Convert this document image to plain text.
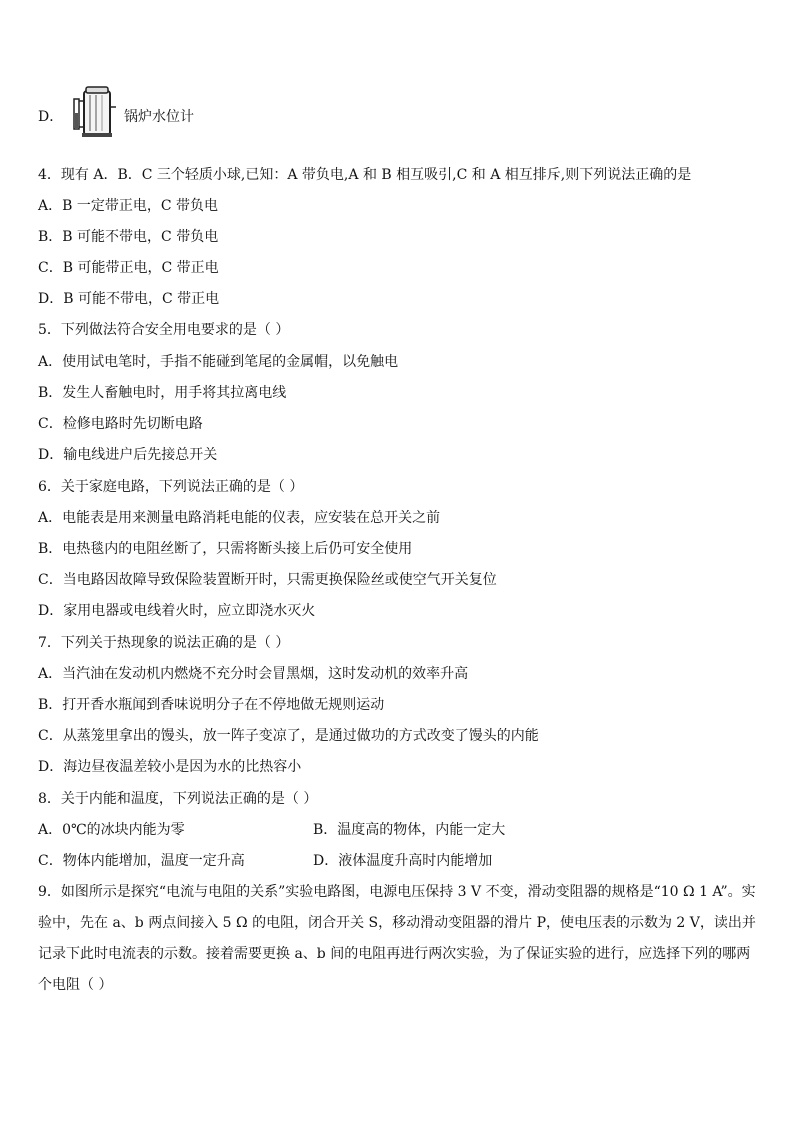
D．	锅炉水位计
4．现有 A．B．C 三个轻质小球,已知：A 带负电,A 和 B 相互吸引,C 和 A 相互排斥,则下列说法正确的是
A．B 一定带正电，C 带负电
B．B 可能不带电，C 带负电
C．B 可能带正电，C 带正电
D．B 可能不带电，C 带正电
5．下列做法符合安全用电要求的是（ ）
A．使用试电笔时，手指不能碰到笔尾的金属帽，以免触电
B．发生人畜触电时，用手将其拉离电线
C．检修电路时先切断电路
D．输电线进户后先接总开关
6．关于家庭电路，下列说法正确的是（ ）
A．电能表是用来测量电路消耗电能的仪表，应安装在总开关之前
B．电热毯内的电阻丝断了，只需将断头接上后仍可安全使用
C．当电路因故障导致保险装置断开时，只需更换保险丝或使空气开关复位
D．家用电器或电线着火时，应立即浇水灭火
7．下列关于热现象的说法正确的是（ ）
A．当汽油在发动机内燃烧不充分时会冒黑烟，这时发动机的效率升高
B．打开香水瓶闻到香味说明分子在不停地做无规则运动
C．从蒸笼里拿出的馒头，放一阵子变凉了，是通过做功的方式改变了馒头的内能
D．海边昼夜温差较小是因为水的比热容小
8．关于内能和温度，下列说法正确的是（ ）
A．0℃的冰块内能为零	B．温度高的物体，内能一定大
C．物体内能增加，温度一定升高	D．液体温度升高时内能增加
9．如图所示是探究“电流与电阻的关系”实验电路图，电源电压保持 3 V 不变，滑动变阻器的规格是“10 Ω 1 A”。实验中，先在 a、b 两点间接入 5 Ω 的电阻，闭合开关 S，移动滑动变阻器的滑片 P，使电压表的示数为 2 V，读出并记录下此时电流表的示数。接着需要更换 a、b 间的电阻再进行两次实验，为了保证实验的进行，应选择下列的哪两个电阻（ ）
